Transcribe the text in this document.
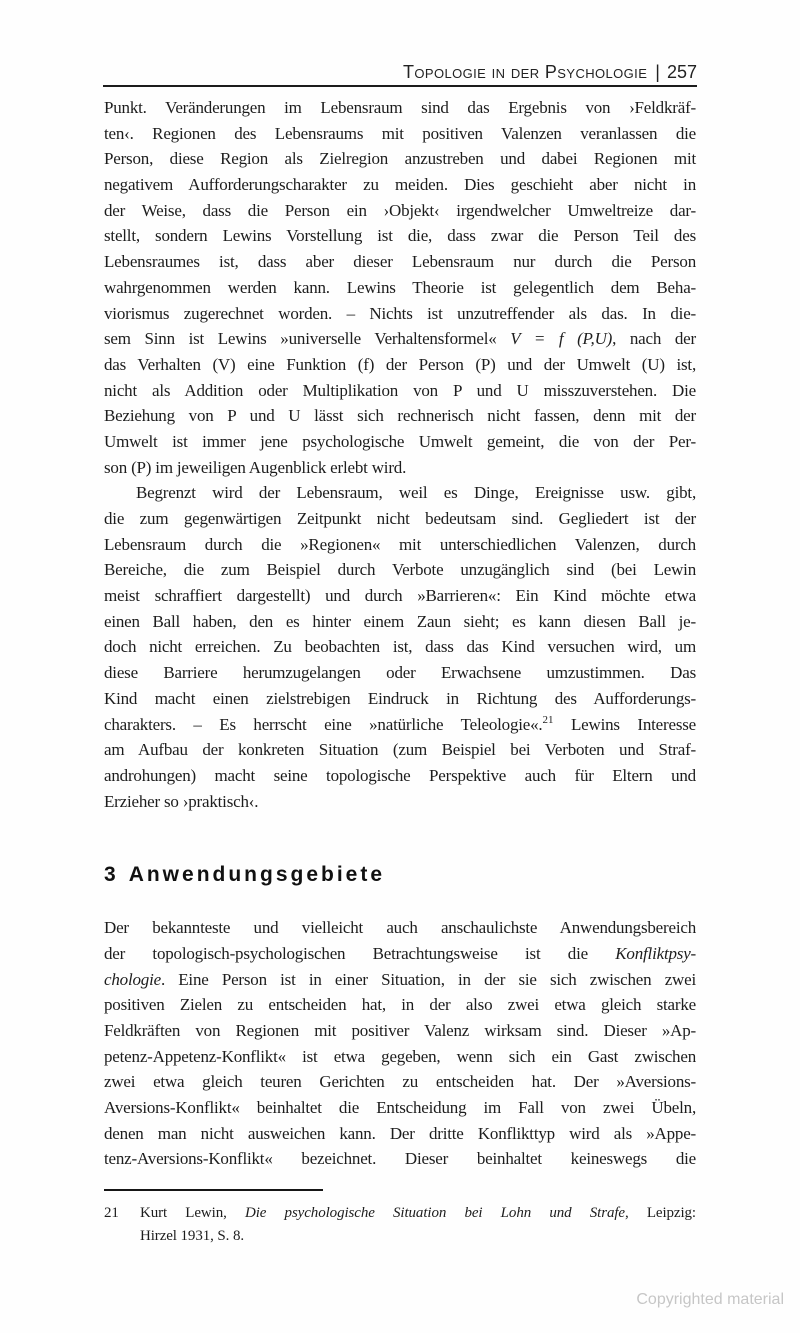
Topologie in der Psychologie | 257
Punkt. Veränderungen im Lebensraum sind das Ergebnis von ›Feldkräf-
ten‹. Regionen des Lebensraums mit positiven Valenzen veranlassen die
Person, diese Region als Zielregion anzustreben und dabei Regionen mit
negativem Aufforderungscharakter zu meiden. Dies geschieht aber nicht in
der Weise, dass die Person ein ›Objekt‹ irgendwelcher Umweltreize dar-
stellt, sondern Lewins Vorstellung ist die, dass zwar die Person Teil des
Lebensraumes ist, dass aber dieser Lebensraum nur durch die Person
wahrgenommen werden kann. Lewins Theorie ist gelegentlich dem Beha-
viorismus zugerechnet worden. – Nichts ist unzutreffender als das. In die-
sem Sinn ist Lewins »universelle Verhaltensformel« V = f (P,U), nach der
das Verhalten (V) eine Funktion (f) der Person (P) und der Umwelt (U) ist,
nicht als Addition oder Multiplikation von P und U misszuverstehen. Die
Beziehung von P und U lässt sich rechnerisch nicht fassen, denn mit der
Umwelt ist immer jene psychologische Umwelt gemeint, die von der Per-
son (P) im jeweiligen Augenblick erlebt wird.
Begrenzt wird der Lebensraum, weil es Dinge, Ereignisse usw. gibt,
die zum gegenwärtigen Zeitpunkt nicht bedeutsam sind. Gegliedert ist der
Lebensraum durch die »Regionen« mit unterschiedlichen Valenzen, durch
Bereiche, die zum Beispiel durch Verbote unzugänglich sind (bei Lewin
meist schraffiert dargestellt) und durch »Barrieren«: Ein Kind möchte etwa
einen Ball haben, den es hinter einem Zaun sieht; es kann diesen Ball je-
doch nicht erreichen. Zu beobachten ist, dass das Kind versuchen wird, um
diese Barriere herumzugelangen oder Erwachsene umzustimmen. Das
Kind macht einen zielstrebigen Eindruck in Richtung des Aufforderungs-
charakters. – Es herrscht eine »natürliche Teleologie«.$^{21}$ Lewins Interesse
am Aufbau der konkreten Situation (zum Beispiel bei Verboten und Straf-
androhungen) macht seine topologische Perspektive auch für Eltern und
Erzieher so ›praktisch‹.
3 Anwendungsgebiete
Der bekannteste und vielleicht auch anschaulichste Anwendungsbereich
der topologisch-psychologischen Betrachtungsweise ist die Konfliktpsy-
chologie. Eine Person ist in einer Situation, in der sie sich zwischen zwei
positiven Zielen zu entscheiden hat, in der also zwei etwa gleich starke
Feldkräften von Regionen mit positiver Valenz wirksam sind. Dieser »Ap-
petenz-Appetenz-Konflikt« ist etwa gegeben, wenn sich ein Gast zwischen
zwei etwa gleich teuren Gerichten zu entscheiden hat. Der »Aversions-
Aversions-Konflikt« beinhaltet die Entscheidung im Fall von zwei Übeln,
denen man nicht ausweichen kann. Der dritte Konflikttyp wird als »Appe-
tenz-Aversions-Konflikt« bezeichnet. Dieser beinhaltet keineswegs die
21 Kurt Lewin, Die psychologische Situation bei Lohn und Strafe, Leipzig:
Hirzel 1931, S. 8.
Copyrighted material
